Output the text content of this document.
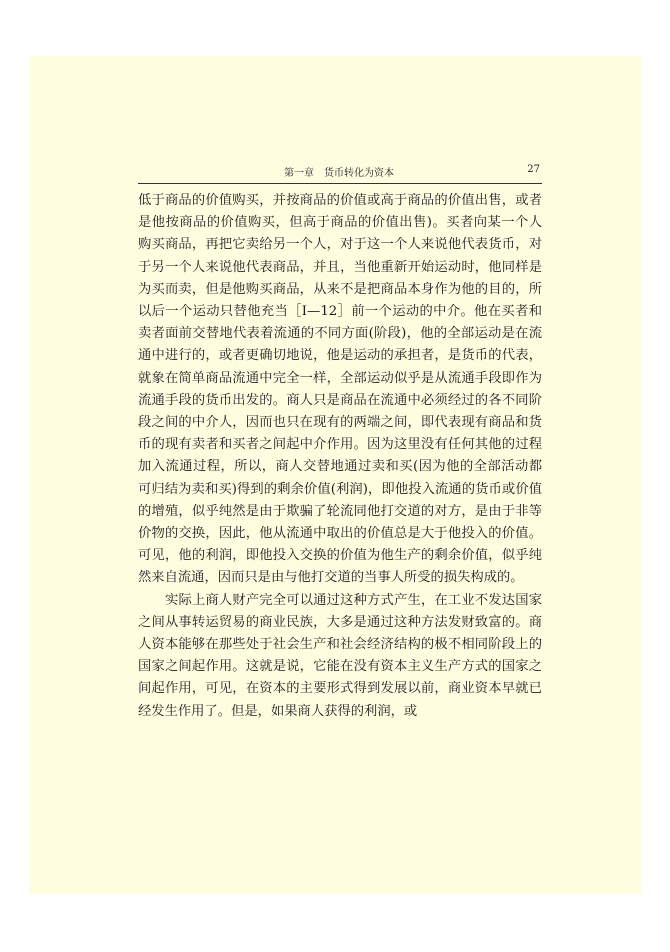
第一章　货币转化为资本	27

低于商品的价值购买，并按商品的价值或高于商品的价值出售，或者是他按商品的价值购买，但高于商品的价值出售)。买者向某一个人购买商品，再把它卖给另一个人，对于这一个人来说他代表货币，对于另一个人来说他代表商品，并且，当他重新开始运动时，他同样是为买而卖，但是他购买商品，从来不是把商品本身作为他的目的，所以后一个运动只替他充当［I—12］前一个运动的中介。他在买者和卖者面前交替地代表着流通的不同方面(阶段)，他的全部运动是在流通中进行的，或者更确切地说，他是运动的承担者，是货币的代表，就象在简单商品流通中完全一样，全部运动似乎是从流通手段即作为流通手段的货币出发的。商人只是商品在流通中必须经过的各不同阶段之间的中介人，因而也只在现有的两端之间，即代表现有商品和货币的现有卖者和买者之间起中介作用。因为这里没有任何其他的过程加入流通过程，所以，商人交替地通过卖和买(因为他的全部活动都可归结为卖和买)得到的剩余价值(利润)，即他投入流通的货币或价值的增殖，似乎纯然是由于欺骗了轮流同他打交道的对方，是由于非等价物的交换，因此，他从流通中取出的价值总是大于他投入的价值。可见，他的利润，即他投入交换的价值为他生产的剩余价值，似乎纯然来自流通，因而只是由与他打交道的当事人所受的损失构成的。

实际上商人财产完全可以通过这种方式产生，在工业不发达国家之间从事转运贸易的商业民族，大多是通过这种方法发财致富的。商人资本能够在那些处于社会生产和社会经济结构的极不相同阶段上的国家之间起作用。这就是说，它能在没有资本主义生产方式的国家之间起作用，可见，在资本的主要形式得到发展以前，商业资本早就已经发生作用了。但是，如果商人获得的利润，或
